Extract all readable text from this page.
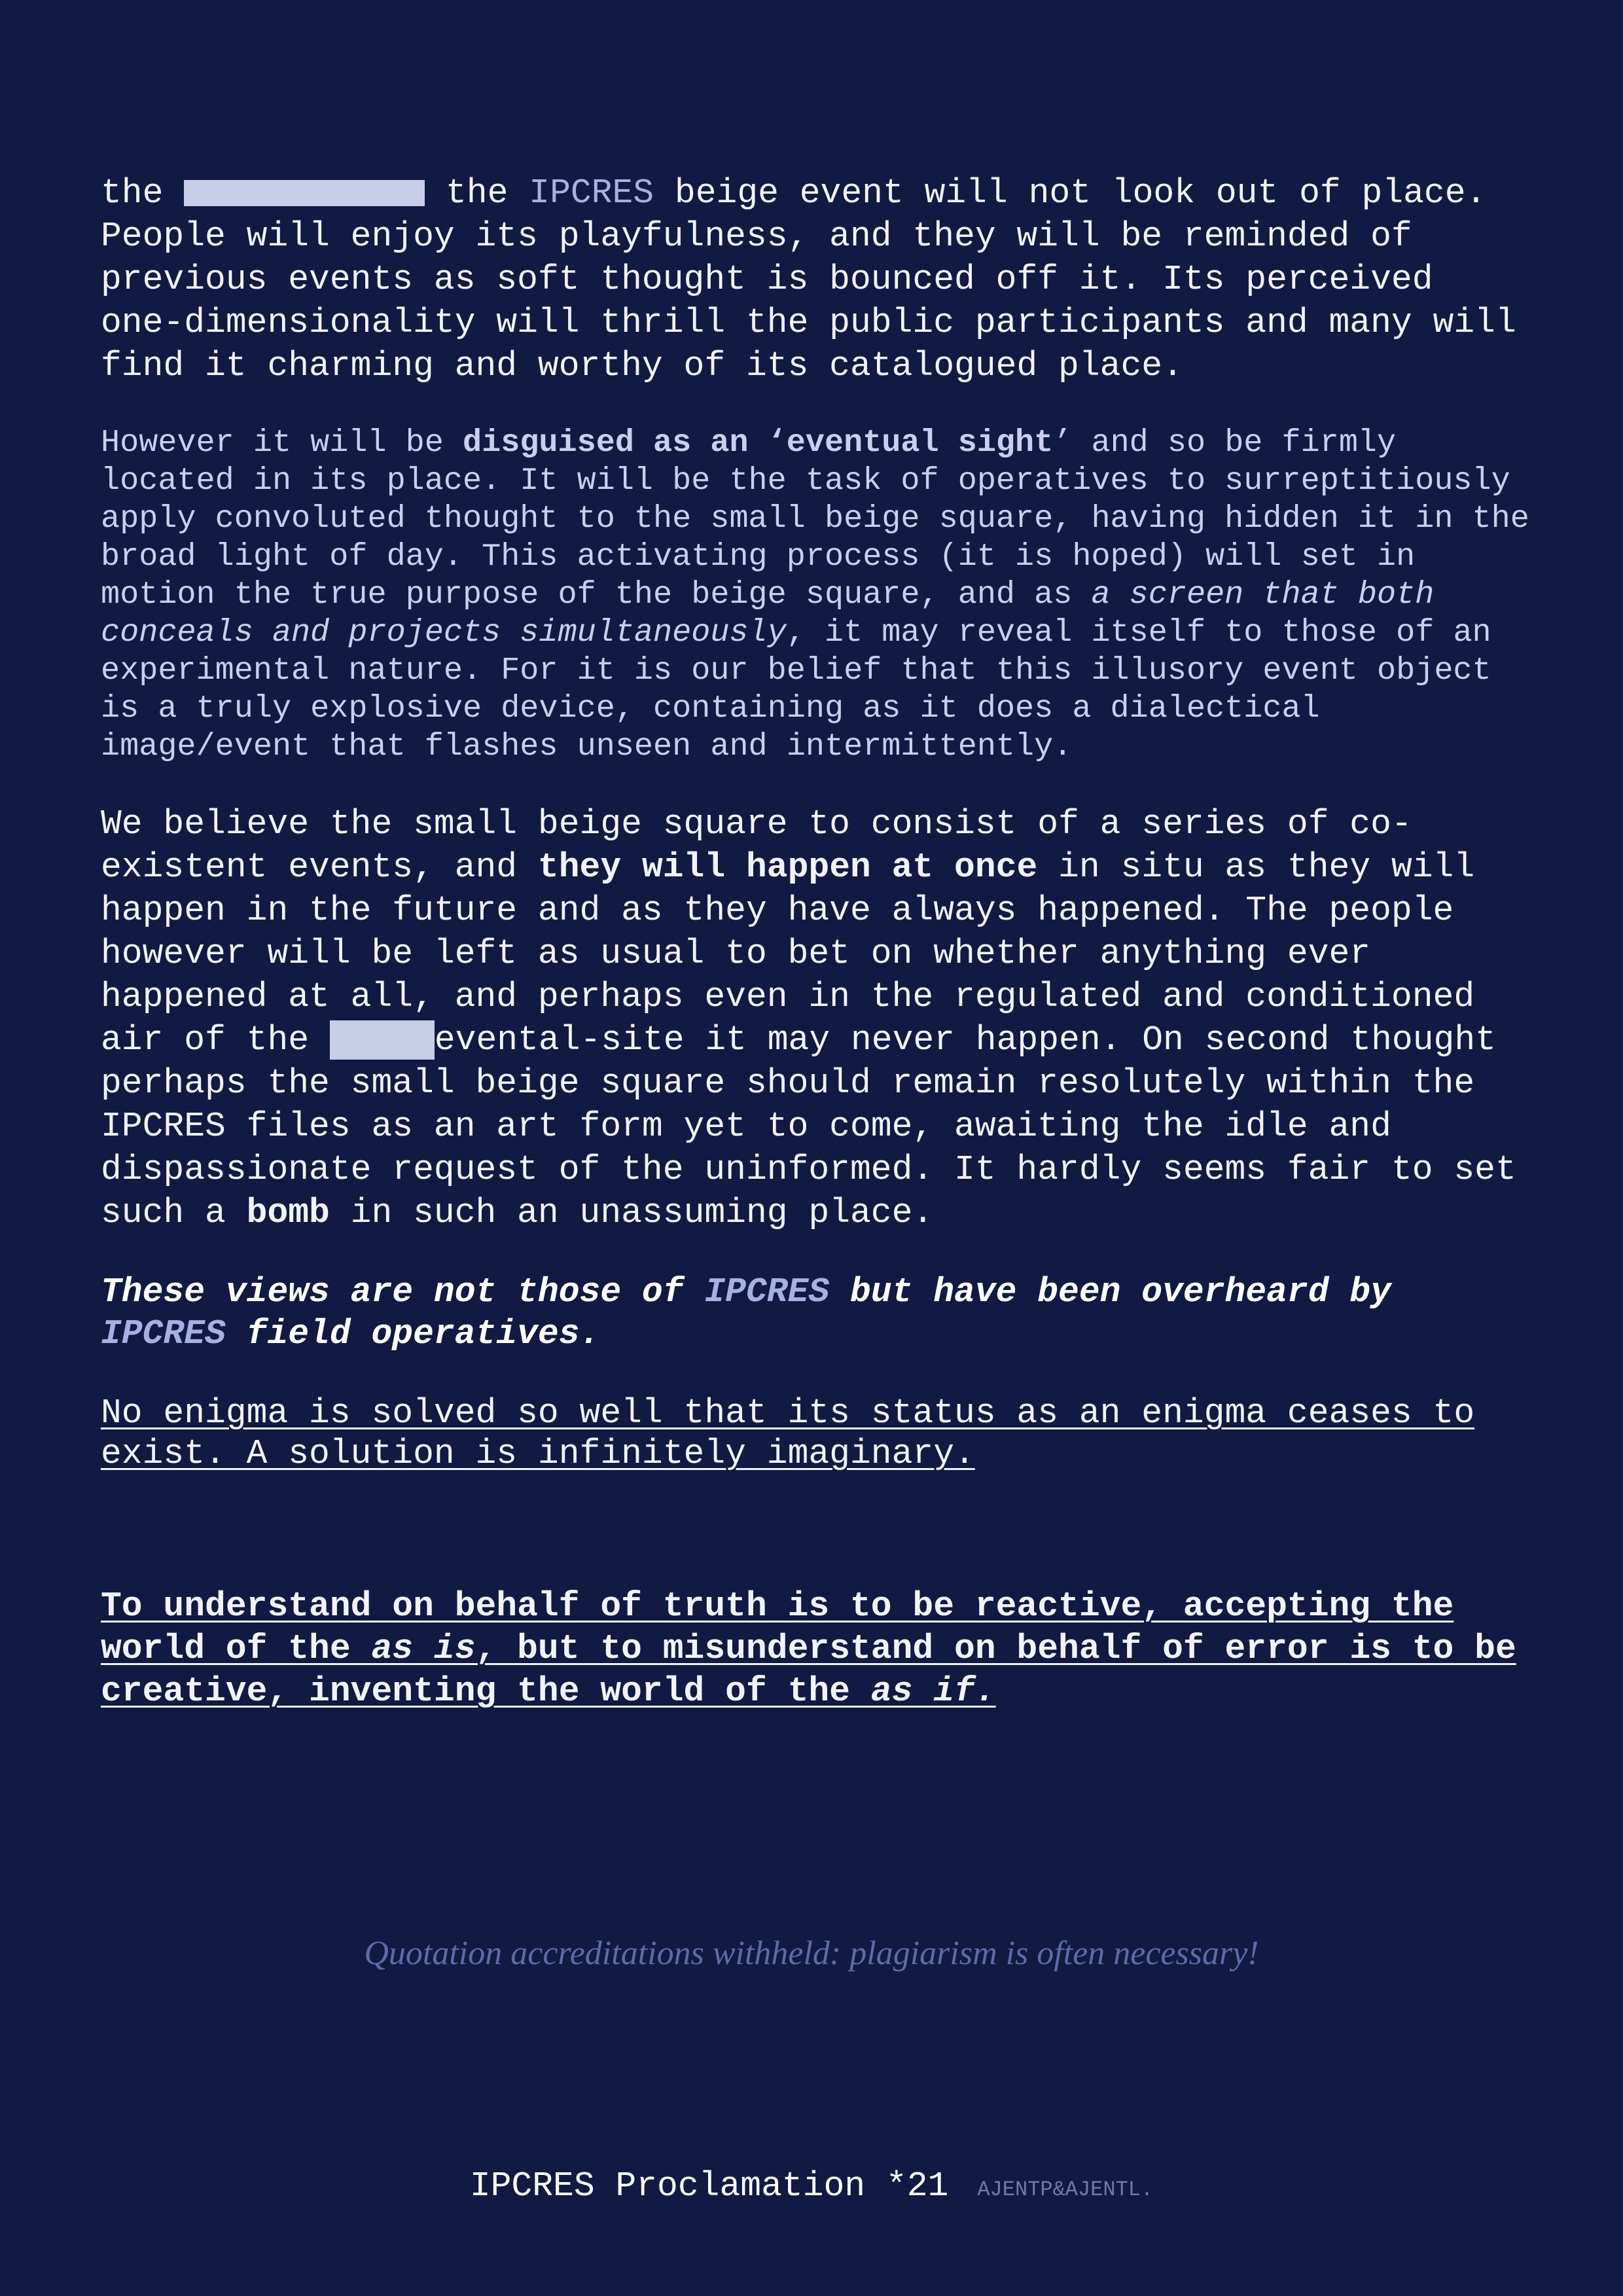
the	the IPCRES beige event will not look out of place. People will enjoy its playfulness, and they will be reminded of previous events as soft thought is bounced off it. Its perceived one-dimensionality will thrill the public participants and many will find it charming and worthy of its catalogued place.

However it will be disguised as an ‘eventual sight’ and so be firmly located in its place. It will be the task of operatives to surreptitiously apply convoluted thought to the small beige square, having hidden it in the broad light of day. This activating process (it is hoped) will set in motion the true purpose of the beige square, and as a screen that both conceals and projects simultaneously, it may reveal itself to those of an experimental nature. For it is our belief that this illusory event object is a truly explosive device, containing as it does a dialectical image/event that flashes unseen and intermittently.

We believe the small beige square to consist of a series of co-existent events, and they will happen at once in situ as they will happen in the future and as they have always happened. The people however will be left as usual to bet on whether anything ever happened at all, and perhaps even in the regulated and conditioned air of the	evental-site it may never happen. On second thought perhaps the small beige square should remain resolutely within the IPCRES files as an art form yet to come, awaiting the idle and dispassionate request of the uninformed. It hardly seems fair to set such a bomb in such an unassuming place.

These views are not those of IPCRES but have been overheard by IPCRES field operatives.

No enigma is solved so well that its status as an enigma ceases to exist. A solution is infinitely imaginary.

To understand on behalf of truth is to be reactive, accepting the world of the as is, but to misunderstand on behalf of error is to be creative, inventing the world of the as if.

Quotation accreditations withheld: plagiarism is often necessary!
IPCRES Proclamation *21 AJENTP&AJENTL.
